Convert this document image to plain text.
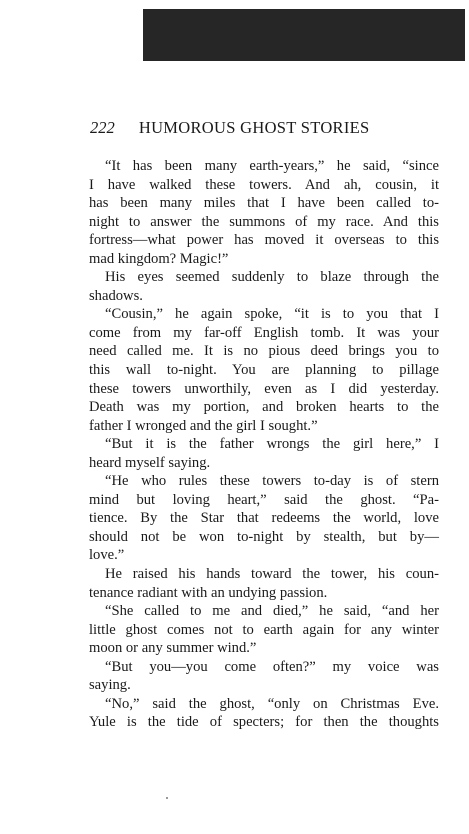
222 HUMOROUS GHOST STORIES
“It has been many earth-years,” he said, “since
I have walked these towers. And ah, cousin, it
has been many miles that I have been called to-
night to answer the summons of my race. And this
fortress—what power has moved it overseas to this
mad kingdom? Magic!”
His eyes seemed suddenly to blaze through the
shadows.
“Cousin,” he again spoke, “it is to you that I
come from my far-off English tomb. It was your
need called me. It is no pious deed brings you to
this wall to-night. You are planning to pillage
these towers unworthily, even as I did yesterday.
Death was my portion, and broken hearts to the
father I wronged and the girl I sought.”
“But it is the father wrongs the girl here,” I
heard myself saying.
“He who rules these towers to-day is of stern
mind but loving heart,” said the ghost. “Pa-
tience. By the Star that redeems the world, love
should not be won to-night by stealth, but by—
love.”
He raised his hands toward the tower, his coun-
tenance radiant with an undying passion.
“She called to me and died,” he said, “and her
little ghost comes not to earth again for any winter
moon or any summer wind.”
“But you—you come often?” my voice was
saying.
“No,” said the ghost, “only on Christmas Eve.
Yule is the tide of specters; for then the thoughts
